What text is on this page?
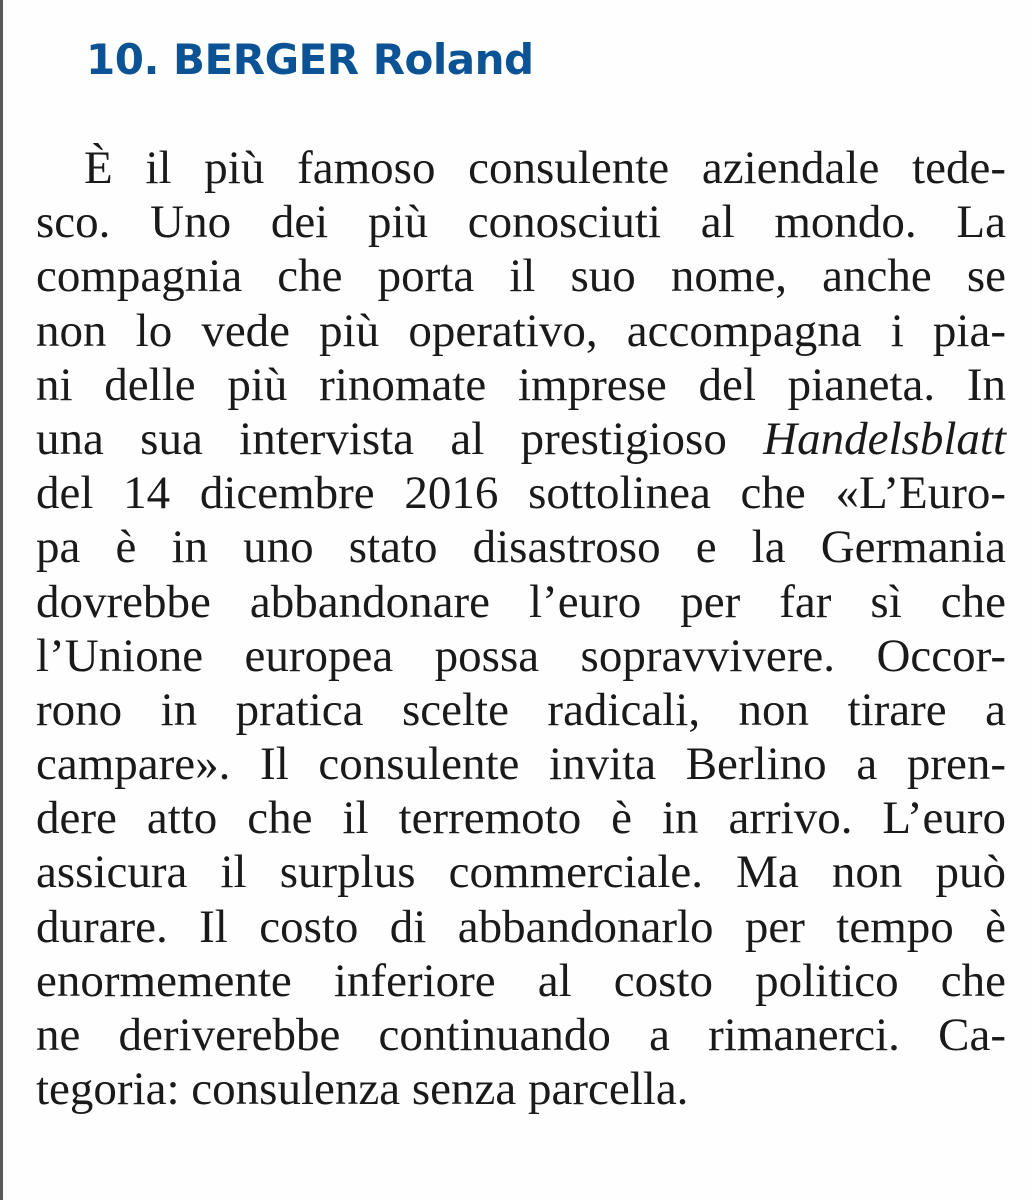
10. BERGER Roland
È il più famoso consulente aziendale tede-
sco. Uno dei più conosciuti al mondo. La
compagnia che porta il suo nome, anche se
non lo vede più operativo, accompagna i pia-
ni delle più rinomate imprese del pianeta. In
una sua intervista al prestigioso Handelsblatt
del 14 dicembre 2016 sottolinea che «L’Euro-
pa è in uno stato disastroso e la Germania
dovrebbe abbandonare l’euro per far sì che
l’Unione europea possa sopravvivere. Occor-
rono in pratica scelte radicali, non tirare a
campare». Il consulente invita Berlino a pren-
dere atto che il terremoto è in arrivo. L’euro
assicura il surplus commerciale. Ma non può
durare. Il costo di abbandonarlo per tempo è
enormemente inferiore al costo politico che
ne deriverebbe continuando a rimanerci. Ca-
tegoria: consulenza senza parcella.
